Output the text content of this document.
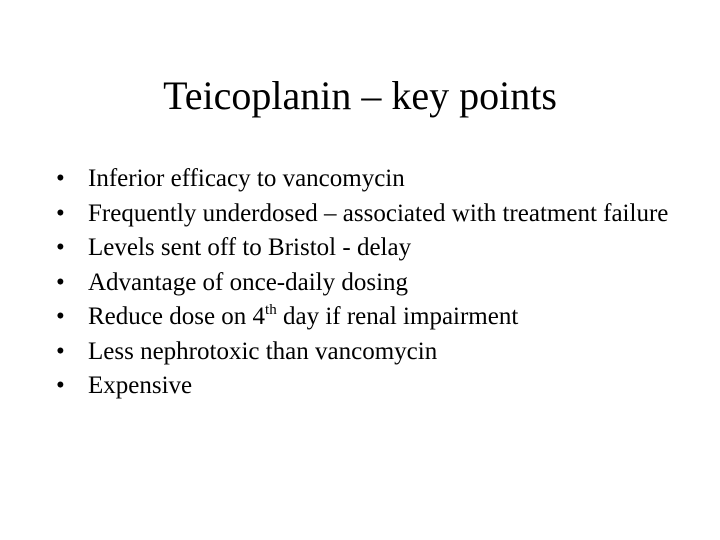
Teicoplanin – key points
• Inferior efficacy to vancomycin
• Frequently underdosed – associated with treatment failure
• Levels sent off to Bristol - delay
• Advantage of once-daily dosing
• Reduce dose on 4th day if renal impairment
• Less nephrotoxic than vancomycin
• Expensive
